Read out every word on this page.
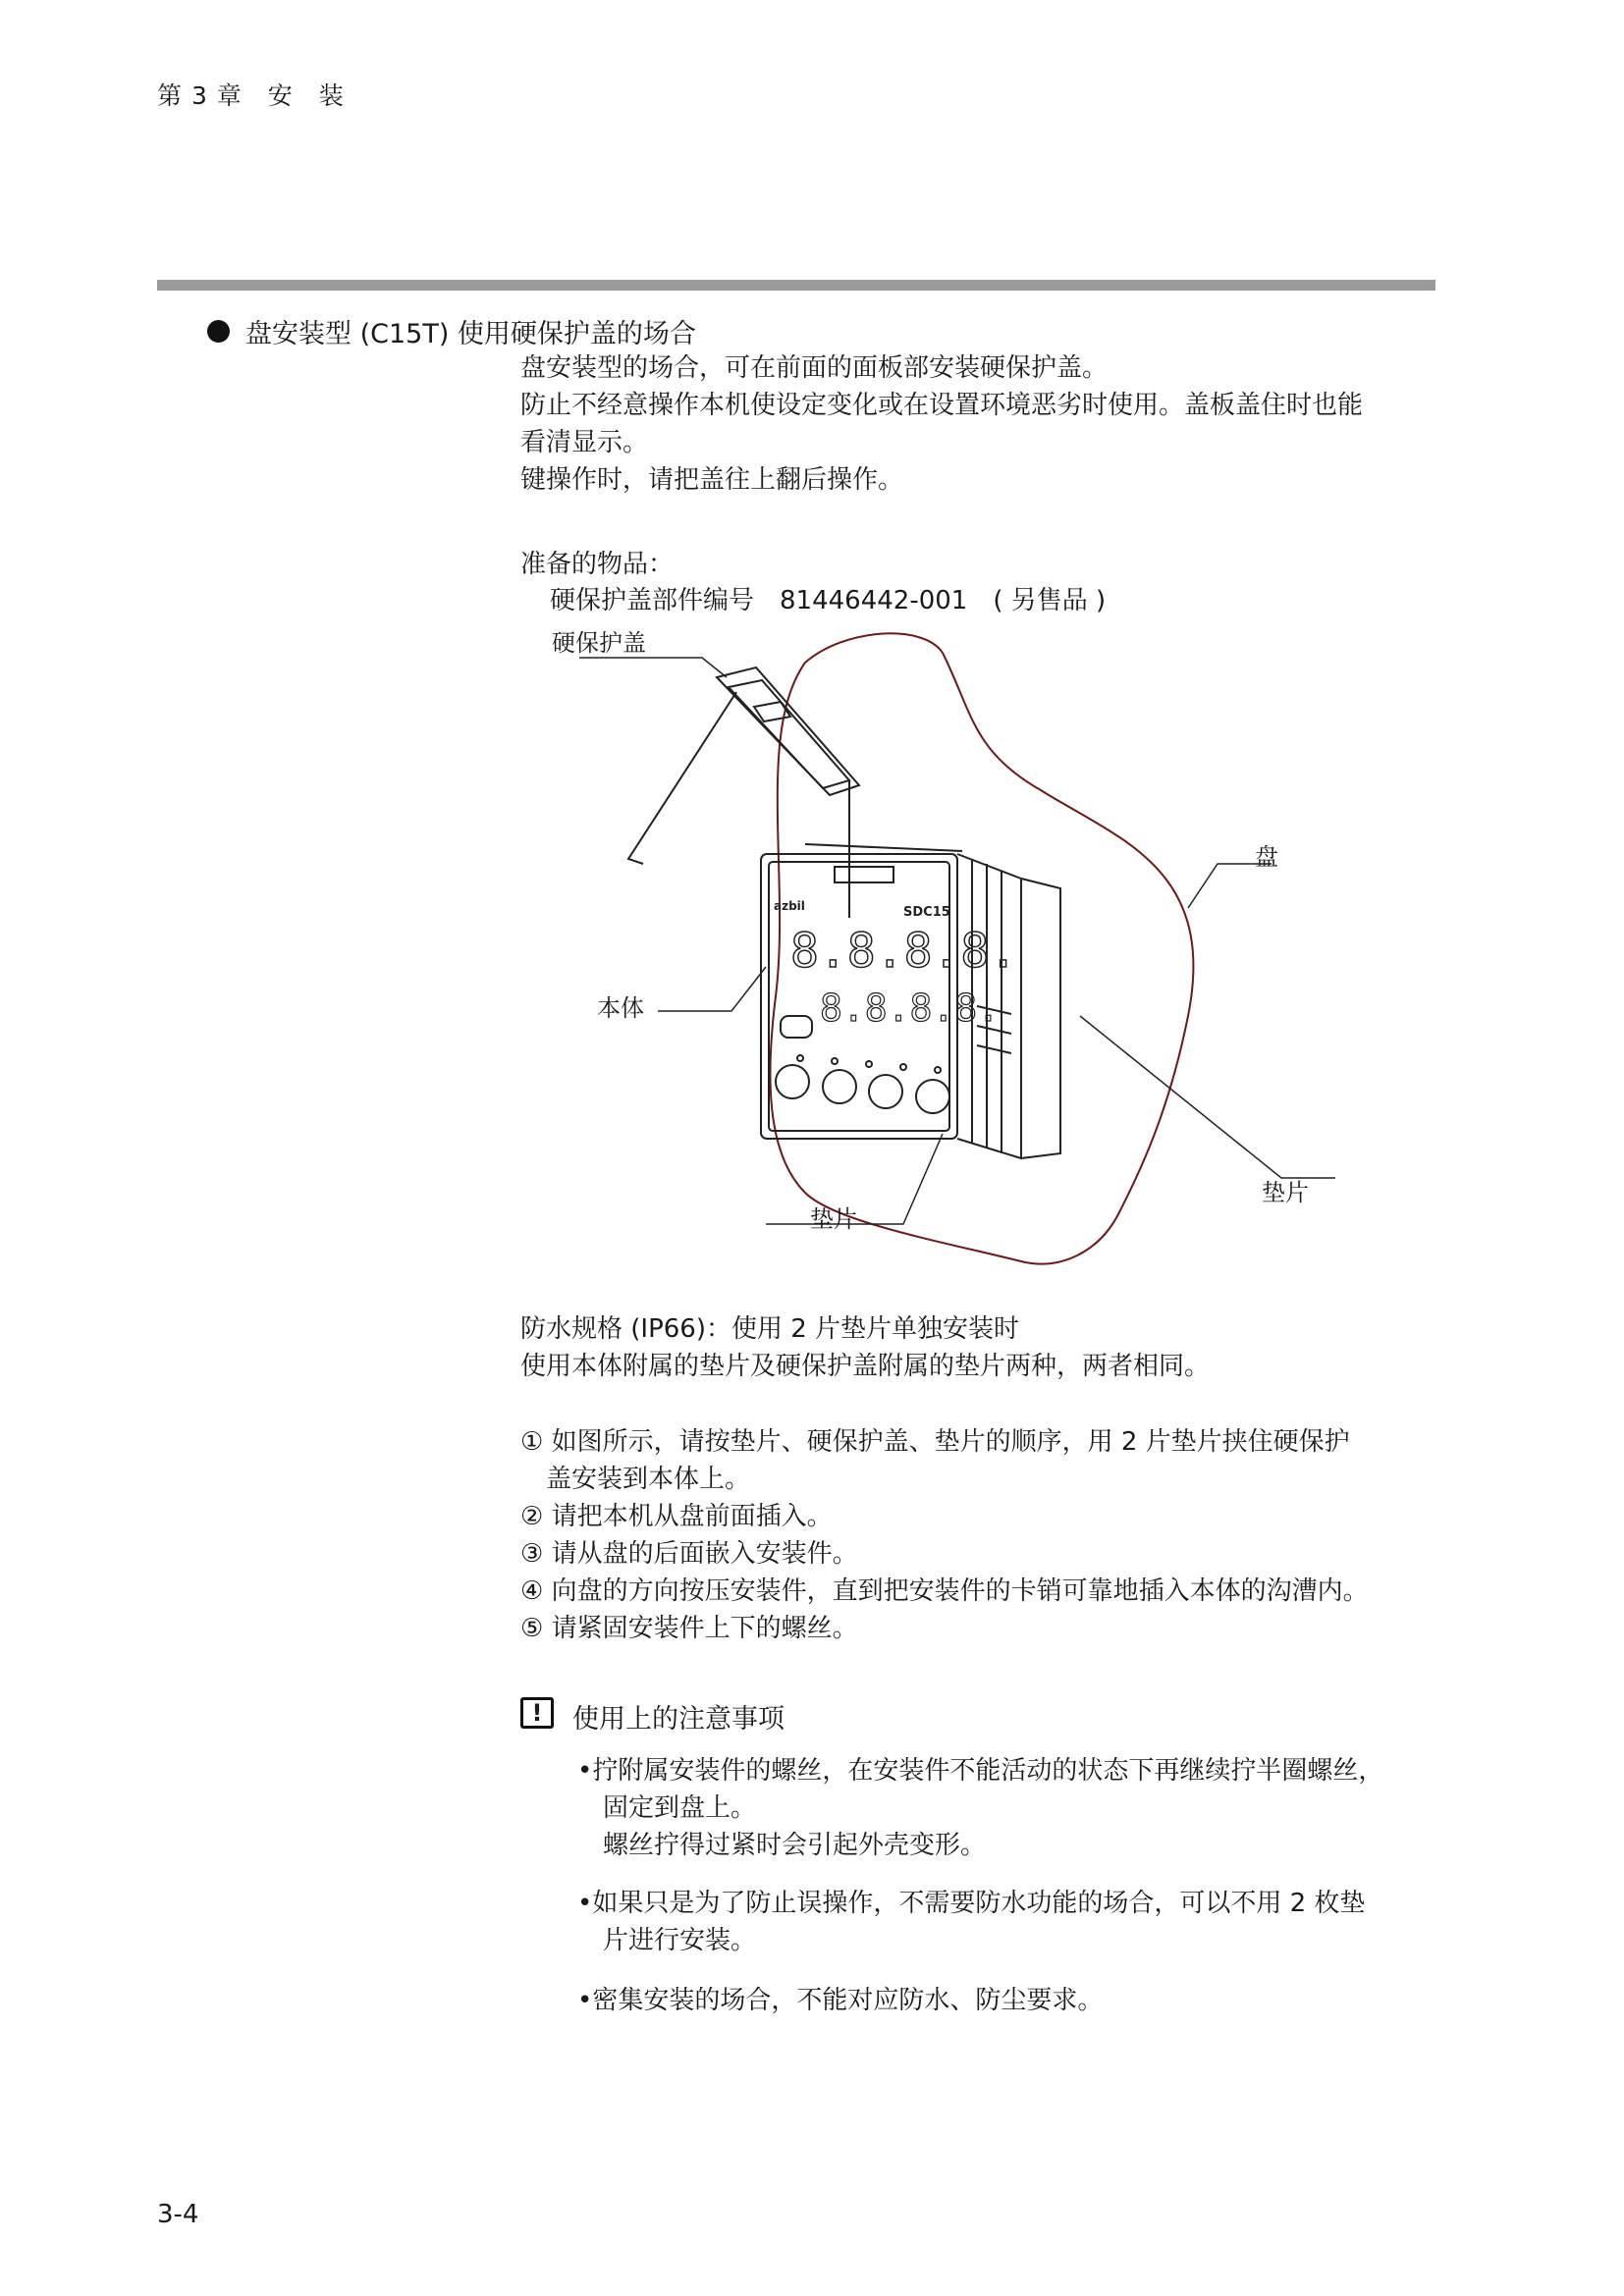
第 3 章　安　装
盘安装型 (C15T) 使用硬保护盖的场合
盘安装型的场合，可在前面的面板部安装硬保护盖。
防止不经意操作本机使设定变化或在设置环境恶劣时使用。盖板盖住时也能
看清显示。
键操作时，请把盖往上翻后操作。
准备的物品：
硬保护盖部件编号　81446442-001　( 另售品 )
azbil	SDC15
8.8.8.8.
8.8.8.8.
硬保护盖
盘
本体
垫片
垫片
防水规格 (IP66)：使用 2 片垫片单独安装时
使用本体附属的垫片及硬保护盖附属的垫片两种，两者相同。
① 如图所示，请按垫片、硬保护盖、垫片的顺序，用 2 片垫片挟住硬保护
　盖安装到本体上。
② 请把本机从盘前面插入。
③ 请从盘的后面嵌入安装件。
④ 向盘的方向按压安装件，直到把安装件的卡销可靠地插入本体的沟漕内。
⑤ 请紧固安装件上下的螺丝。
!	使用上的注意事项
•拧附属安装件的螺丝，在安装件不能活动的状态下再继续拧半圈螺丝，
　固定到盘上。
　螺丝拧得过紧时会引起外壳变形。
•如果只是为了防止误操作，不需要防水功能的场合，可以不用 2 枚垫
　片进行安装。
•密集安装的场合，不能对应防水、防尘要求。
3-4
